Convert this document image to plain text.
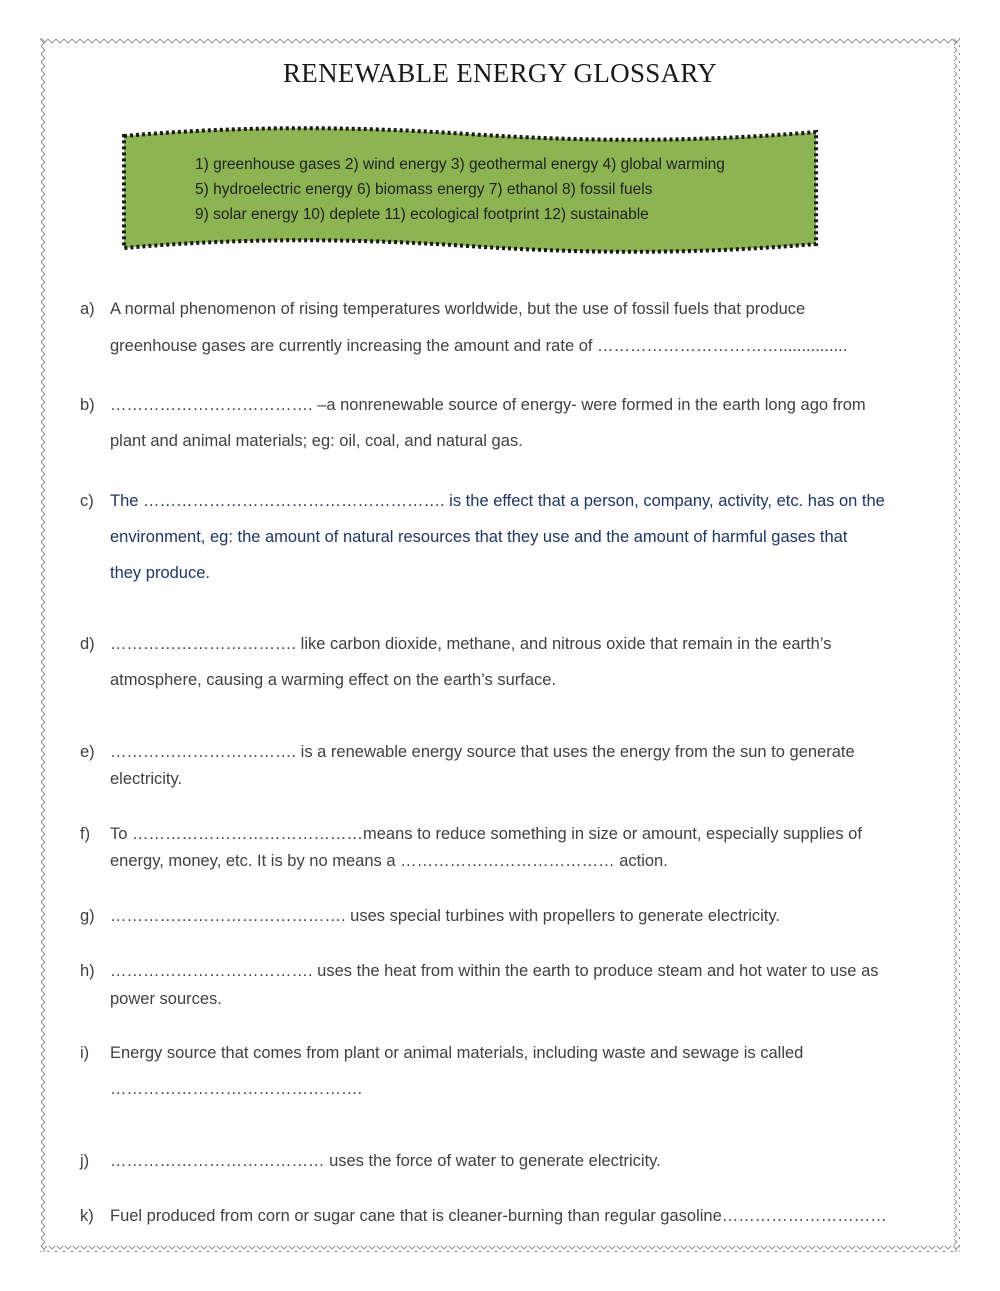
RENEWABLE ENERGY GLOSSARY
1) greenhouse gases 2) wind energy 3) geothermal energy 4) global warming
5) hydroelectric energy 6) biomass energy 7) ethanol 8) fossil fuels
9) solar energy 10) deplete 11) ecological footprint 12) sustainable
a) A normal phenomenon of rising temperatures worldwide, but the use of fossil fuels that produce
greenhouse gases are currently increasing the amount and rate of ……………………………...............
b) ………………………………. –a nonrenewable source of energy- were formed in the earth long ago from
plant and animal materials; eg: oil, coal, and natural gas.
c) The ………………………………………………. is the effect that a person, company, activity, etc. has on the
environment, eg: the amount of natural resources that they use and the amount of harmful gases that
they produce.
d) ……………………………. like carbon dioxide, methane, and nitrous oxide that remain in the earth’s
atmosphere, causing a warming effect on the earth’s surface.
e) ……………………………. is a renewable energy source that uses the energy from the sun to generate
electricity.
f) To ……………………………………means to reduce something in size or amount, especially supplies of
energy, money, etc. It is by no means a ………………………………… action.
g) ……………………………………. uses special turbines with propellers to generate electricity.
h) ………………………………. uses the heat from within the earth to produce steam and hot water to use as
power sources.
i) Energy source that comes from plant or animal materials, including waste and sewage is called
……………………………………….
j) ………………………………… uses the force of water to generate electricity.
k) Fuel produced from corn or sugar cane that is cleaner-burning than regular gasoline…………………………
